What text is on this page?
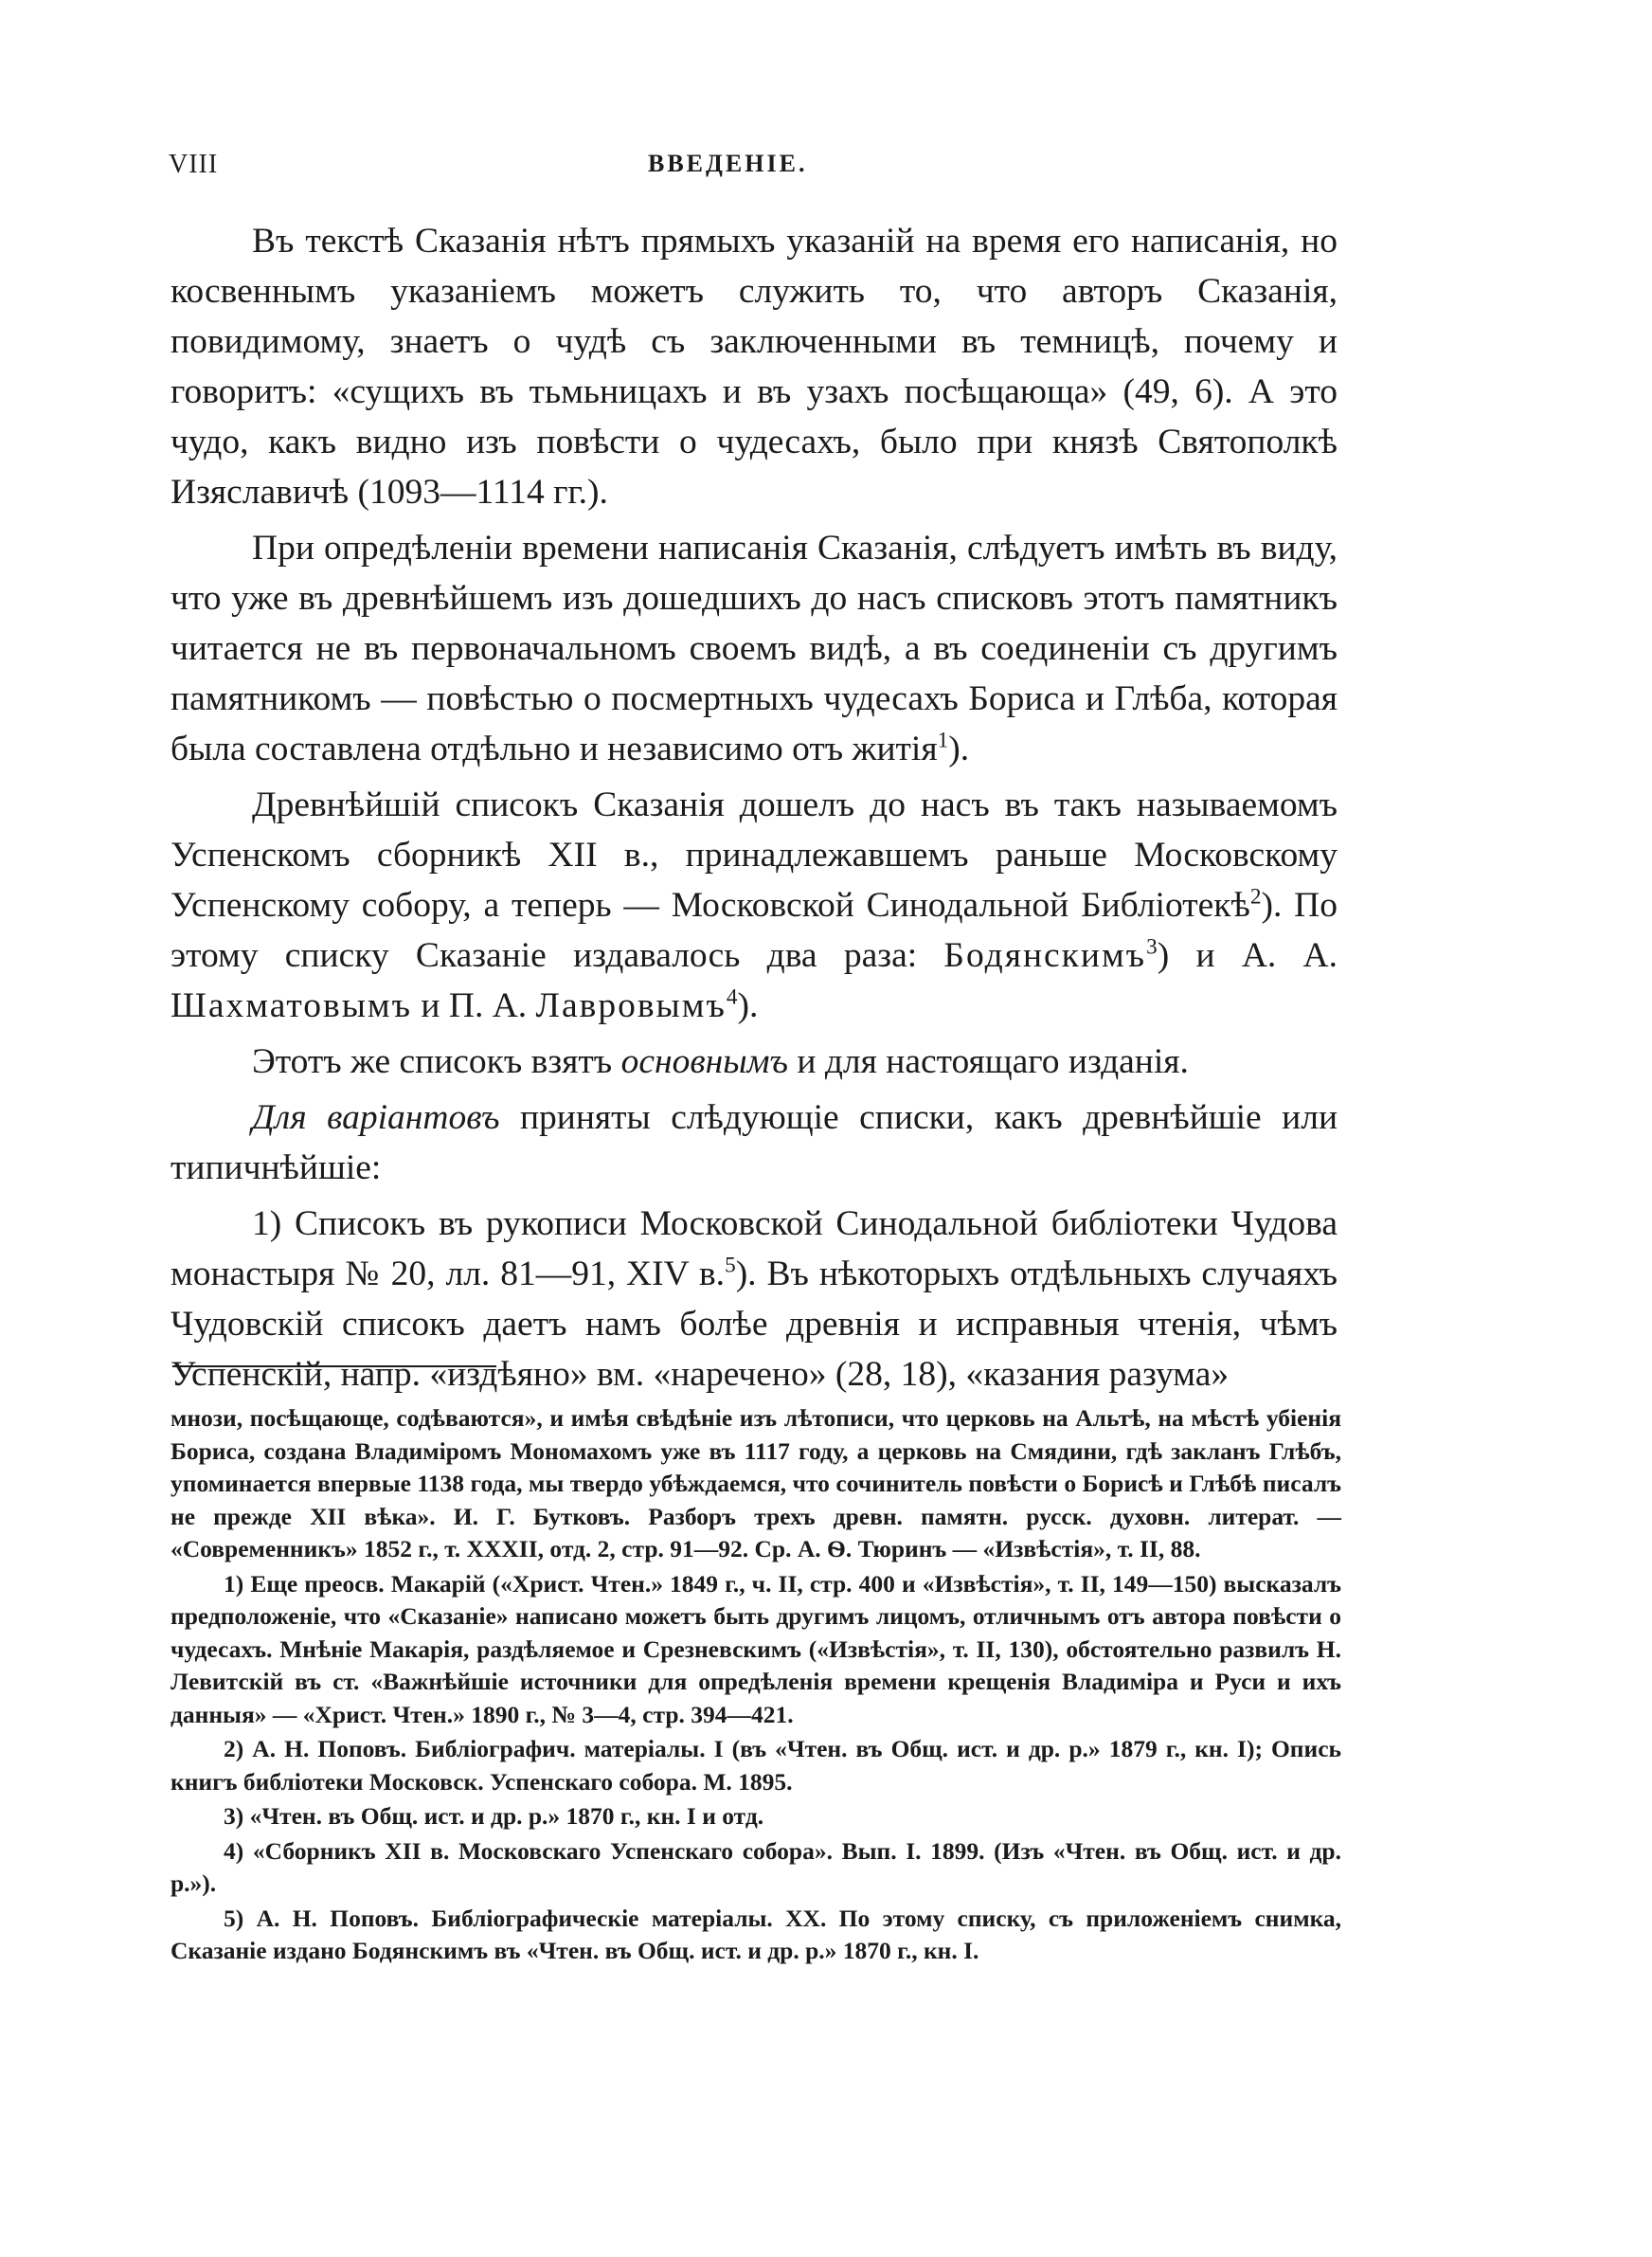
VIII	ВВЕДЕНІЕ.

Въ текстѣ Сказанія нѣтъ прямыхъ указаній на время его написанія, но косвеннымъ указаніемъ можетъ служить то, что авторъ Сказанія, повидимому, знаетъ о чудѣ съ заключенными въ темницѣ, почему и говоритъ: «сущихъ въ тьмьницахъ и въ узахъ посѣщающа» (49, 6). А это чудо, какъ видно изъ повѣсти о чудесахъ, было при князѣ Святополкѣ Изяславичѣ (1093—1114 гг.).

При опредѣленіи времени написанія Сказанія, слѣдуетъ имѣть въ виду, что уже въ древнѣйшемъ изъ дошедшихъ до насъ списковъ этотъ памятникъ читается не въ первоначальномъ своемъ видѣ, а въ соединеніи съ другимъ памятникомъ — повѣстью о посмертныхъ чудесахъ Бориса и Глѣба, которая была составлена отдѣльно и независимо отъ житія$^1$).

Древнѣйшій списокъ Сказанія дошелъ до насъ въ такъ называемомъ Успенскомъ сборникѣ XII в., принадлежавшемъ раньше Московскому Успенскому собору, а теперь — Московской Синодальной Библіотекѣ$^2$). По этому списку Сказаніе издавалось два раза: Бодянскимъ$^3$) и А. А. Шахматовымъ и П. А. Лавровымъ$^4$).

Этотъ же списокъ взятъ основнымъ и для настоящаго изданія.

Для варіантовъ приняты слѣдующіе списки, какъ древнѣйшіе или типичнѣйшіе:

1) Списокъ въ рукописи Московской Синодальной библіотеки Чудова монастыря № 20, лл. 81—91, XIV в.$^5$). Въ нѣкоторыхъ отдѣльныхъ случаяхъ Чудовскій списокъ даетъ намъ болѣе древнія и исправныя чтенія, чѣмъ Успенскій, напр. «издѣяно» вм. «наречено» (28, 18), «казания разума»

мнози, посѣщающе, содѣваются», и имѣя свѣдѣніе изъ лѣтописи, что церковь на Альтѣ, на мѣстѣ убіенія Бориса, создана Владиміромъ Мономахомъ уже въ 1117 году, а церковь на Смядини, гдѣ закланъ Глѣбъ, упоминается впервые 1138 года, мы твердо убѣждаемся, что сочинитель повѣсти о Борисѣ и Глѣбѣ писалъ не прежде XII вѣка». И. Г. Бутковъ. Разборъ трехъ древн. памятн. русск. духовн. литерат. — «Современникъ» 1852 г., т. XXXII, отд. 2, стр. 91—92. Ср. А. Ѳ. Тюринъ — «Извѣстія», т. II, 88.

1) Еще преосв. Макарій («Христ. Чтен.» 1849 г., ч. II, стр. 400 и «Извѣстія», т. II, 149—150) высказалъ предположеніе, что «Сказаніе» написано можетъ быть другимъ лицомъ, отличнымъ отъ автора повѣсти о чудесахъ. Мнѣніе Макарія, раздѣляемое и Срезневскимъ («Извѣстія», т. II, 130), обстоятельно развилъ Н. Левитскій въ ст. «Важнѣйшіе источники для опредѣленія времени крещенія Владиміра и Руси и ихъ данныя» — «Христ. Чтен.» 1890 г., № 3—4, стр. 394—421.

2) А. Н. Поповъ. Библіографич. матеріалы. I (въ «Чтен. въ Общ. ист. и др. р.» 1879 г., кн. I); Опись книгъ библіотеки Московск. Успенскаго собора. М. 1895.

3) «Чтен. въ Общ. ист. и др. р.» 1870 г., кн. I и отд.

4) «Сборникъ XII в. Московскаго Успенскаго собора». Вып. I. 1899. (Изъ «Чтен. въ Общ. ист. и др. р.»).

5) А. Н. Поповъ. Библіографическіе матеріалы. XX. По этому списку, съ приложеніемъ снимка, Сказаніе издано Бодянскимъ въ «Чтен. въ Общ. ист. и др. р.» 1870 г., кн. I.
